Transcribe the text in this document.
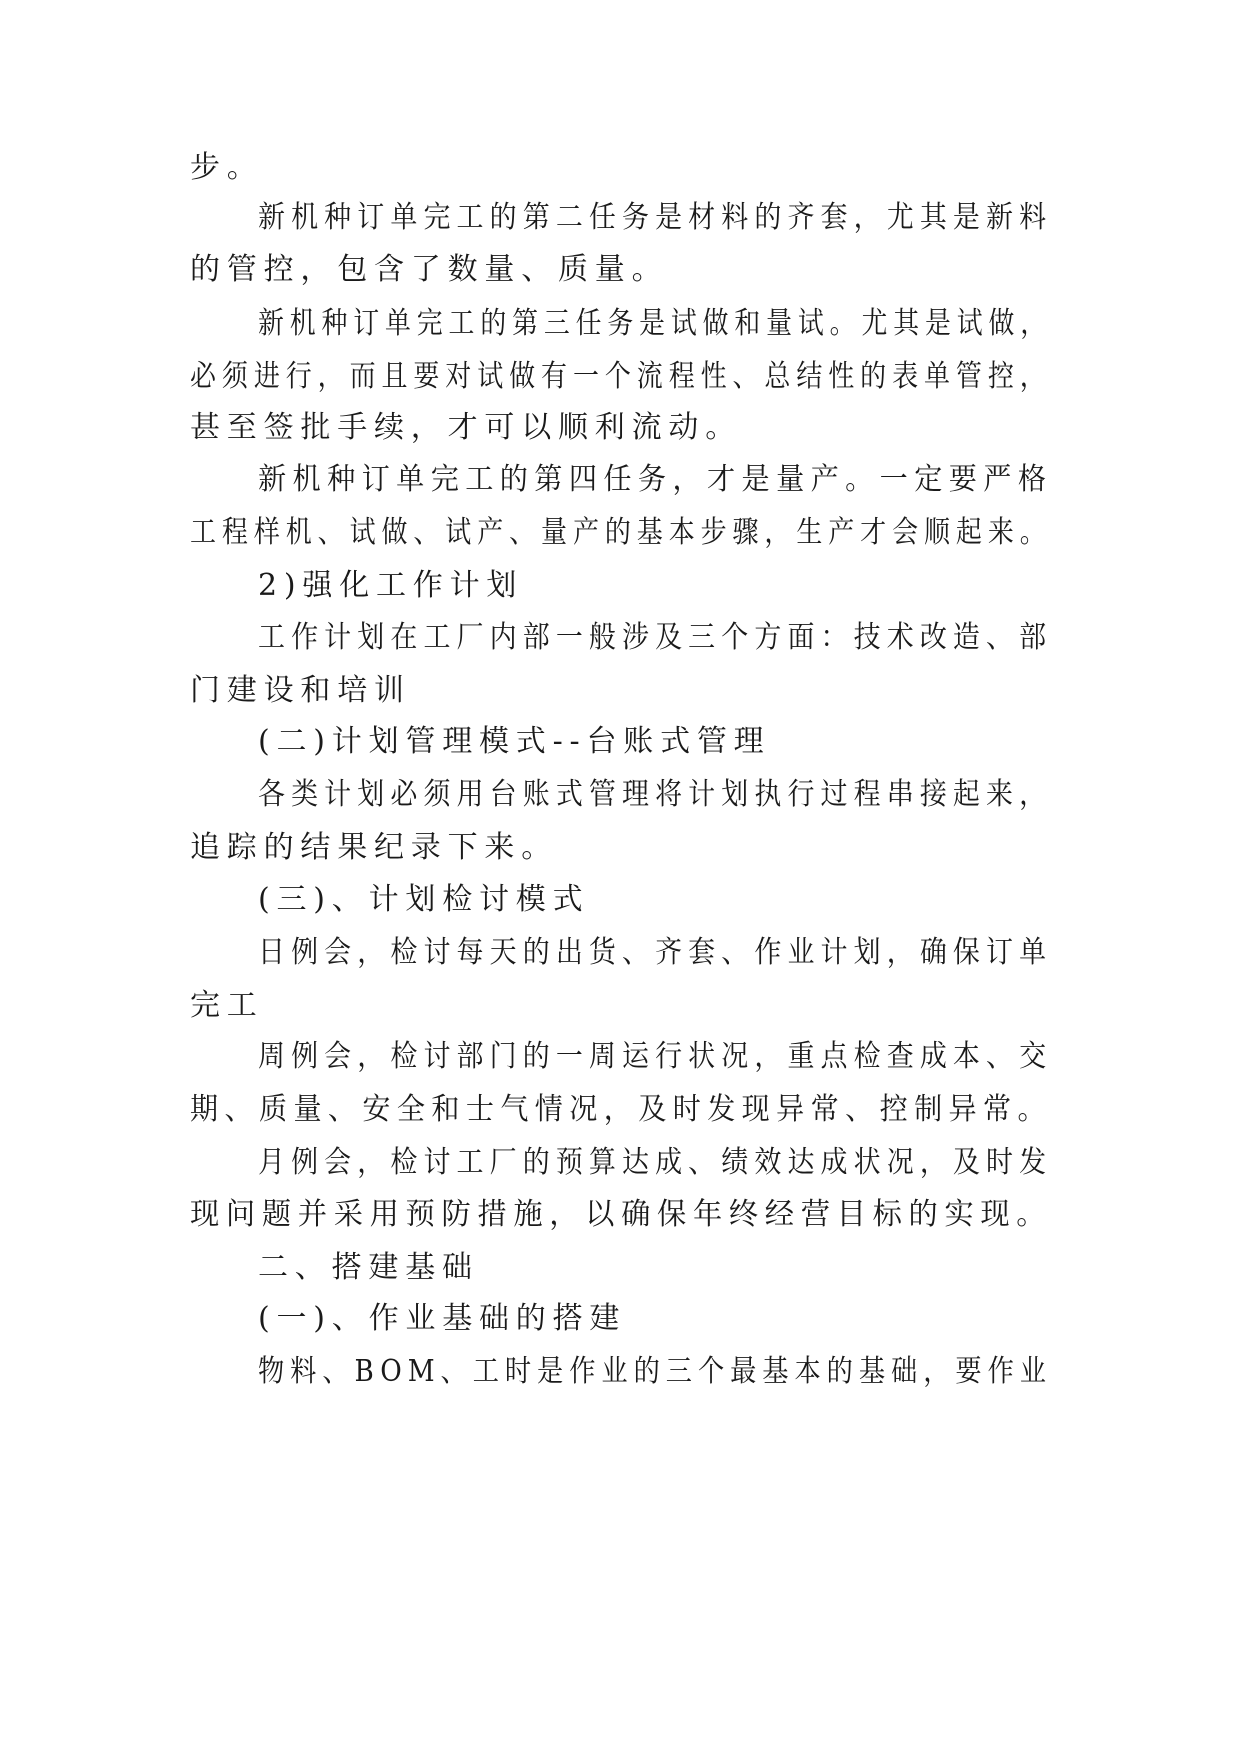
步。
新机种订单完工的第二任务是材料的齐套，尤其是新料
的管控，包含了数量、质量。
新机种订单完工的第三任务是试做和量试。尤其是试做，
必须进行，而且要对试做有一个流程性、总结性的表单管控，
甚至签批手续，才可以顺利流动。
新机种订单完工的第四任务，才是量产。一定要严格
工程样机、试做、试产、量产的基本步骤，生产才会顺起来。
2)强化工作计划
工作计划在工厂内部一般涉及三个方面：技术改造、部
门建设和培训
(二)计划管理模式--台账式管理
各类计划必须用台账式管理将计划执行过程串接起来，
追踪的结果纪录下来。
(三)、计划检讨模式
日例会，检讨每天的出货、齐套、作业计划，确保订单
完工
周例会，检讨部门的一周运行状况，重点检查成本、交
期、质量、安全和士气情况，及时发现异常、控制异常。
月例会，检讨工厂的预算达成、绩效达成状况，及时发
现问题并采用预防措施，以确保年终经营目标的实现。
二、搭建基础
(一)、作业基础的搭建
物料、BOM、工时是作业的三个最基本的基础，要作业
